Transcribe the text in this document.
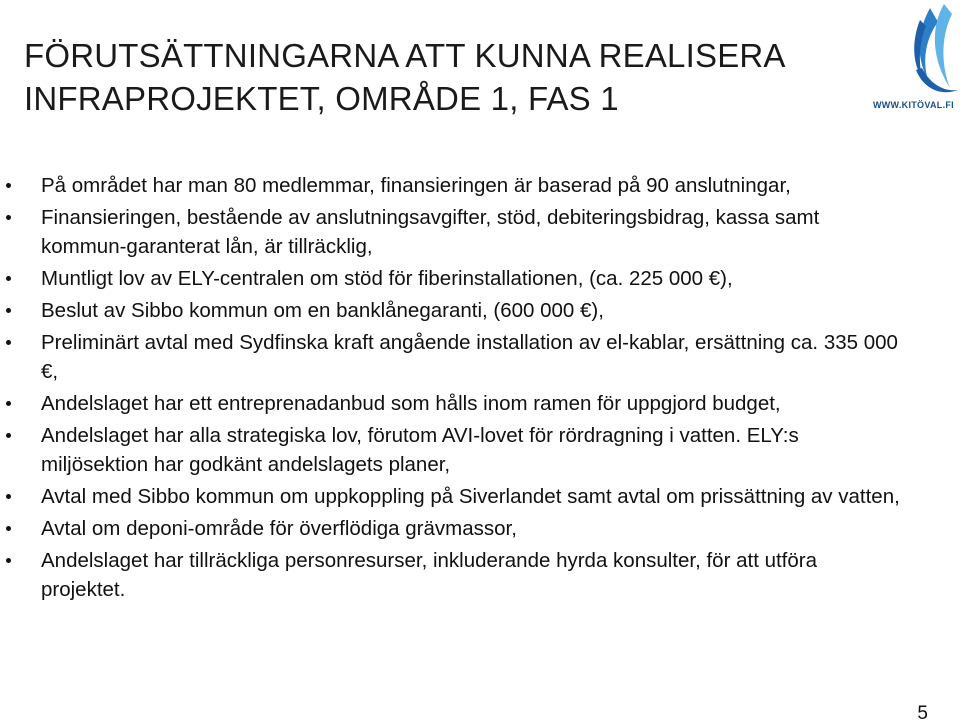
FÖRUTSÄTTNINGARNA ATT KUNNA REALISERA
INFRAPROJEKTET, OMRÅDE 1, FAS 1	WWW.KITÖVAL.FI
På området har man 80 medlemmar, finansieringen är baserad på 90 anslutningar,
Finansieringen, bestående av anslutningsavgifter, stöd, debiteringsbidrag, kassa samt kommun-garanterat lån, är tillräcklig,
Muntligt lov av ELY-centralen om stöd för fiberinstallationen, (ca. 225 000 €),
Beslut av Sibbo kommun om en banklånegaranti, (600 000 €),
Preliminärt avtal med Sydfinska kraft angående installation av el-kablar, ersättning ca. 335 000 €,
Andelslaget har ett entreprenadanbud som hålls inom ramen för uppgjord budget,
Andelslaget har alla strategiska lov, förutom AVI-lovet för rördragning i vatten. ELY:s miljösektion har godkänt andelslagets planer,
Avtal med Sibbo kommun om uppkoppling på Siverlandet samt avtal om prissättning av vatten,
Avtal om deponi-område för överflödiga grävmassor,
Andelslaget har tillräckliga personresurser, inkluderande hyrda konsulter, för att utföra projektet.
5
